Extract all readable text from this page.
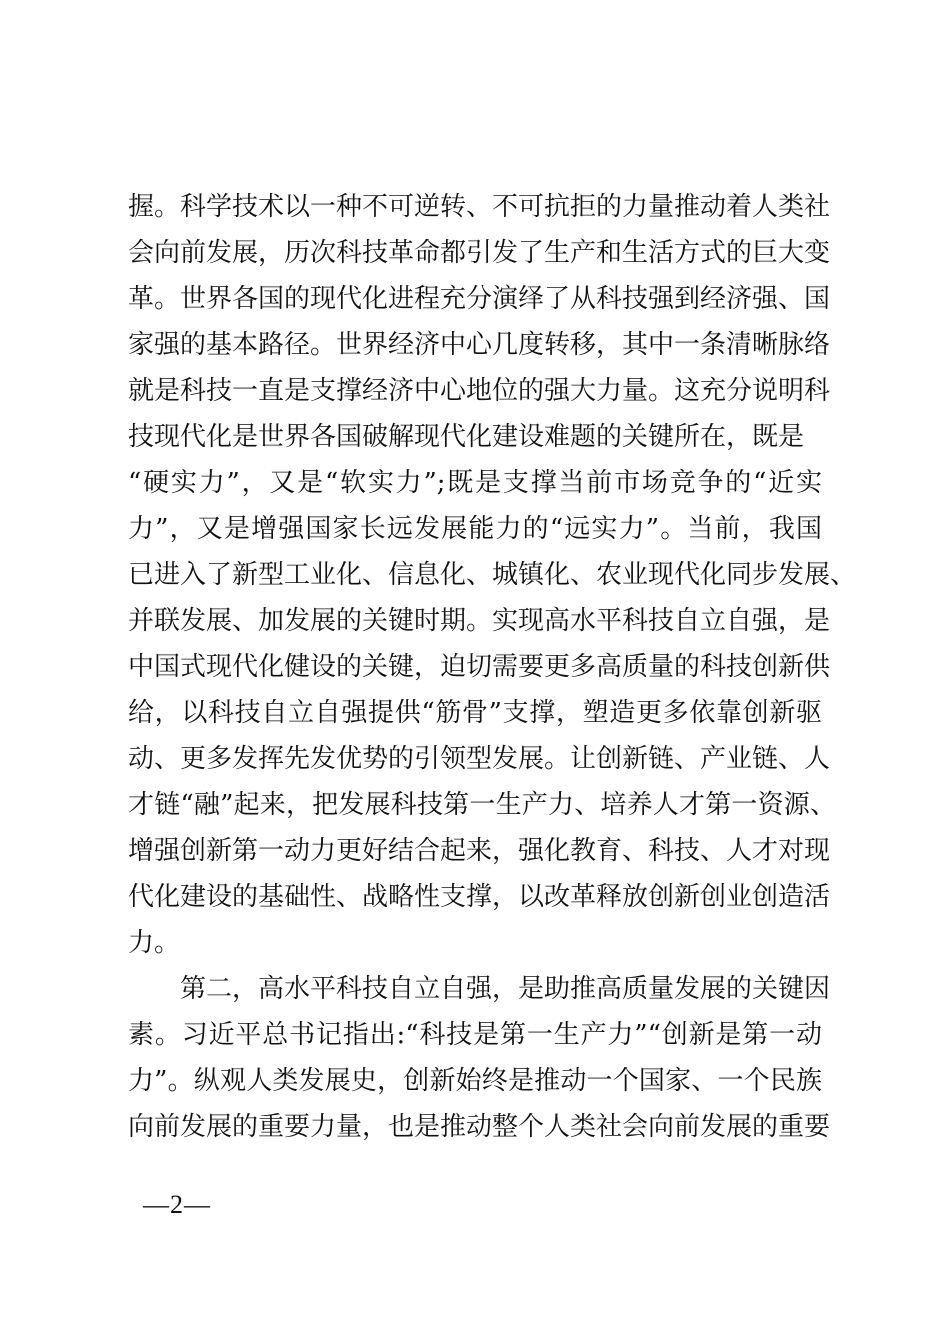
握。科学技术以一种不可逆转、不可抗拒的力量推动着人类社
会向前发展，历次科技革命都引发了生产和生活方式的巨大变
革。世界各国的现代化进程充分演绎了从科技强到经济强、国
家强的基本路径。世界经济中心几度转移，其中一条清晰脉络
就是科技一直是支撑经济中心地位的强大力量。这充分说明科
技现代化是世界各国破解现代化建设难题的关键所在，既是
“硬实力”，又是“软实力”;既是支撑当前市场竞争的“近实
力”，又是增强国家长远发展能力的“远实力”。当前，我国
已进入了新型工业化、信息化、城镇化、农业现代化同步发展、
并联发展、加发展的关键时期。实现高水平科技自立自强，是
中国式现代化健设的关键，迫切需要更多高质量的科技创新供
给，以科技自立自强提供“筋骨”支撑，塑造更多依靠创新驱
动、更多发挥先发优势的引领型发展。让创新链、产业链、人
才链“融”起来，把发展科技第一生产力、培养人才第一资源、
增强创新第一动力更好结合起来，强化教育、科技、人才对现
代化建设的基础性、战略性支撑，以改革释放创新创业创造活
力。
第二，高水平科技自立自强，是助推高质量发展的关键因
素。习近平总书记指出:“科技是第一生产力”“创新是第一动
力”。纵观人类发展史，创新始终是推动一个国家、一个民族
向前发展的重要力量，也是推动整个人类社会向前发展的重要
—2—
